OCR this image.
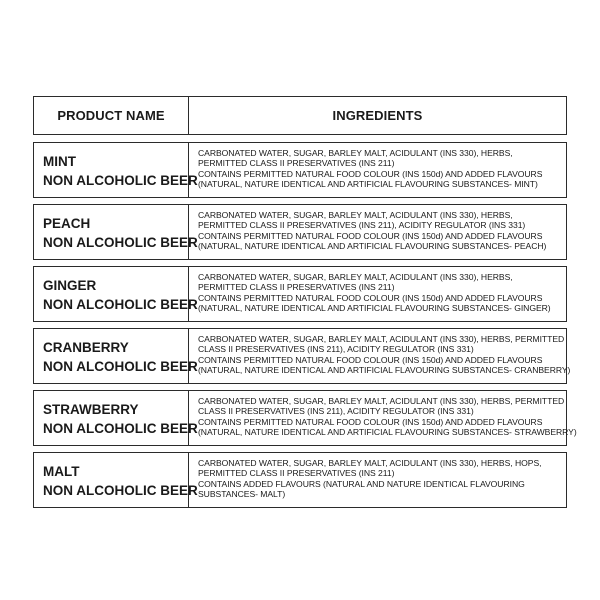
PRODUCT NAME	INGREDIENTS
MINT
NON ALCOHOLIC BEER
CARBONATED WATER, SUGAR, BARLEY MALT, ACIDULANT (INS 330), HERBS,
PERMITTED CLASS II PRESERVATIVES (INS 211)
CONTAINS PERMITTED NATURAL FOOD COLOUR (INS 150d) AND ADDED FLAVOURS
(NATURAL, NATURE IDENTICAL AND ARTIFICIAL FLAVOURING SUBSTANCES- MINT)
PEACH
NON ALCOHOLIC BEER
CARBONATED WATER, SUGAR, BARLEY MALT, ACIDULANT (INS 330), HERBS,
PERMITTED CLASS II PRESERVATIVES (INS 211), ACIDITY REGULATOR (INS 331)
CONTAINS PERMITTED NATURAL FOOD COLOUR (INS 150d) AND ADDED FLAVOURS
(NATURAL, NATURE IDENTICAL AND ARTIFICIAL FLAVOURING SUBSTANCES- PEACH)
GINGER
NON ALCOHOLIC BEER
CARBONATED WATER, SUGAR, BARLEY MALT, ACIDULANT (INS 330), HERBS,
PERMITTED CLASS II PRESERVATIVES (INS 211)
CONTAINS PERMITTED NATURAL FOOD COLOUR (INS 150d) AND ADDED FLAVOURS
(NATURAL, NATURE IDENTICAL AND ARTIFICIAL FLAVOURING SUBSTANCES- GINGER)
CRANBERRY
NON ALCOHOLIC BEER
CARBONATED WATER, SUGAR, BARLEY MALT, ACIDULANT (INS 330), HERBS, PERMITTED
CLASS II PRESERVATIVES (INS 211), ACIDITY REGULATOR (INS 331)
CONTAINS PERMITTED NATURAL FOOD COLOUR (INS 150d) AND ADDED FLAVOURS
(NATURAL, NATURE IDENTICAL AND ARTIFICIAL FLAVOURING SUBSTANCES- CRANBERRY)
STRAWBERRY
NON ALCOHOLIC BEER
CARBONATED WATER, SUGAR, BARLEY MALT, ACIDULANT (INS 330), HERBS, PERMITTED
CLASS II PRESERVATIVES (INS 211), ACIDITY REGULATOR (INS 331)
CONTAINS PERMITTED NATURAL FOOD COLOUR (INS 150d) AND ADDED FLAVOURS
(NATURAL, NATURE IDENTICAL AND ARTIFICIAL FLAVOURING SUBSTANCES- STRAWBERRY)
MALT
NON ALCOHOLIC BEER
CARBONATED WATER, SUGAR, BARLEY MALT, ACIDULANT (INS 330), HERBS, HOPS,
PERMITTED CLASS II PRESERVATIVES (INS 211)
CONTAINS ADDED FLAVOURS (NATURAL AND NATURE IDENTICAL FLAVOURING
SUBSTANCES- MALT)
